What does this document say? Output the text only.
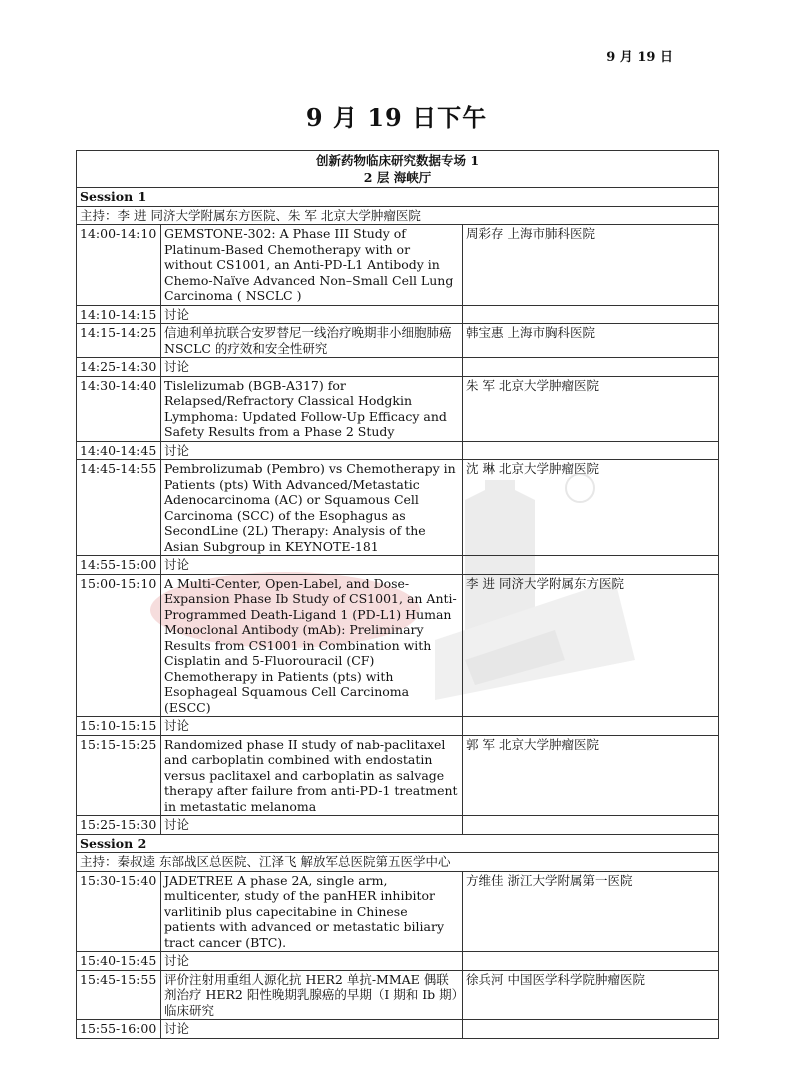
9 月 19 日
9 月 19 日下午
创新药物临床研究数据专场 1
2 层 海峡厅		

Session 1		
主持：李 进 同济大学附属东方医院、朱 军 北京大学肿瘤医院		
14:00-14:10	GEMSTONE-302: A Phase III Study of Platinum-Based Chemotherapy with or without CS1001, an Anti-PD-L1 Antibody in Chemo-Naïve Advanced Non–Small Cell Lung Carcinoma ( NSCLC )	周彩存 上海市肺科医院
14:10-14:15	讨论	
14:15-14:25	信迪利单抗联合安罗替尼一线治疗晚期非小细胞肺癌 NSCLC 的疗效和安全性研究	韩宝惠 上海市胸科医院
14:25-14:30	讨论	
14:30-14:40	Tislelizumab (BGB-A317) for Relapsed/Refractory Classical Hodgkin Lymphoma: Updated Follow-Up Efficacy and Safety Results from a Phase 2 Study	朱 军 北京大学肿瘤医院
14:40-14:45	讨论	
14:45-14:55	Pembrolizumab (Pembro) vs Chemotherapy in Patients (pts) With Advanced/Metastatic Adenocarcinoma (AC) or Squamous Cell Carcinoma (SCC) of the Esophagus as SecondLine (2L) Therapy: Analysis of the Asian Subgroup in KEYNOTE-181	沈 琳 北京大学肿瘤医院
14:55-15:00	讨论	
15:00-15:10	A Multi-Center, Open-Label, and Dose-Expansion Phase Ib Study of CS1001, an Anti-Programmed Death-Ligand 1 (PD-L1) Human Monoclonal Antibody (mAb): Preliminary Results from CS1001 in Combination with Cisplatin and 5-Fluorouracil (CF) Chemotherapy in Patients (pts) with Esophageal Squamous Cell Carcinoma (ESCC)	李 进 同济大学附属东方医院
15:10-15:15	讨论	
15:15-15:25	Randomized phase II study of nab-paclitaxel and carboplatin combined with endostatin versus paclitaxel and carboplatin as salvage therapy after failure from anti-PD-1 treatment in metastatic melanoma	郭 军 北京大学肿瘤医院
15:25-15:30	讨论	
Session 2		
主持：秦叔逵 东部战区总医院、江泽飞 解放军总医院第五医学中心		
15:30-15:40	JADETREE A phase 2A, single arm, multicenter, study of the panHER inhibitor varlitinib plus capecitabine in Chinese patients with advanced or metastatic biliary tract cancer (BTC).	方维佳 浙江大学附属第一医院
15:40-15:45	讨论	
15:45-15:55	评价注射用重组人源化抗 HER2 单抗-MMAE 偶联剂治疗 HER2 阳性晚期乳腺癌的早期（I 期和 Ib 期）临床研究	徐兵河 中国医学科学院肿瘤医院
15:55-16:00	讨论	
